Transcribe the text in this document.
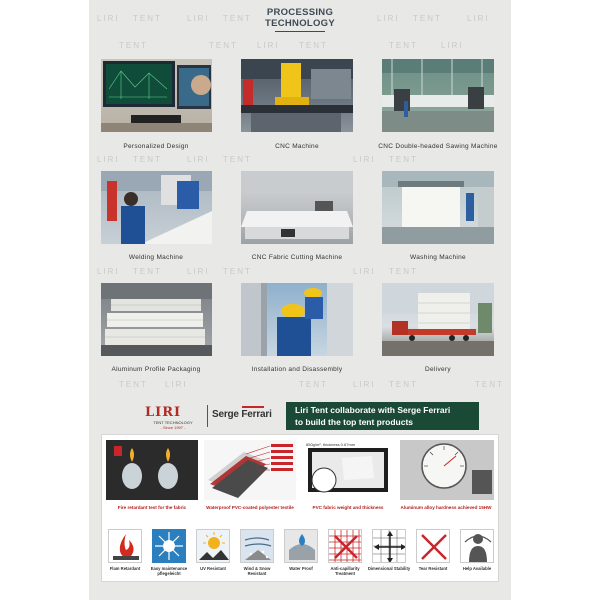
LIRI TENT	LIRI TENT	LIRI TENT	LIRI
TENT	TENT LIRI TENT	TENT	LIRI
LIRI TENT	LIRI TENT	LIRI TENT
LIRI TENT	LIRI TENT	LIRI TENT
TENT LIRI	TENT	LIRI TENT	TENT
PROCESSING
TECHNOLOGY
Personalized Design	CNC Machine	CNC Double-headed Sawing Machine
Welding Machine	CNC Fabric Cutting Machine	Washing Machine
Aluminum Profile Packaging	Installation and Disassembly	Delivery
LIRI
TENT TECHNOLOGY
- Since 1997 -
Serge Ferrari	Liri Tent collaborate with Serge Ferrari
to build the top tent products
850g/m², thickness 0.67mm
Fire retardant test for the fabric	Waterproof PVC-coated polyester textile	PVC fabric weight and thickness	Aluminum alloy hardness achieved 15HW
Flam Retardant	Easy maintenance pflegeleicht
UV Resistant	Wind & Snow Resistant
Water Proof	Anti-capillarity Treatment
Dimensional Stability	Tear Resistant	Help Available
